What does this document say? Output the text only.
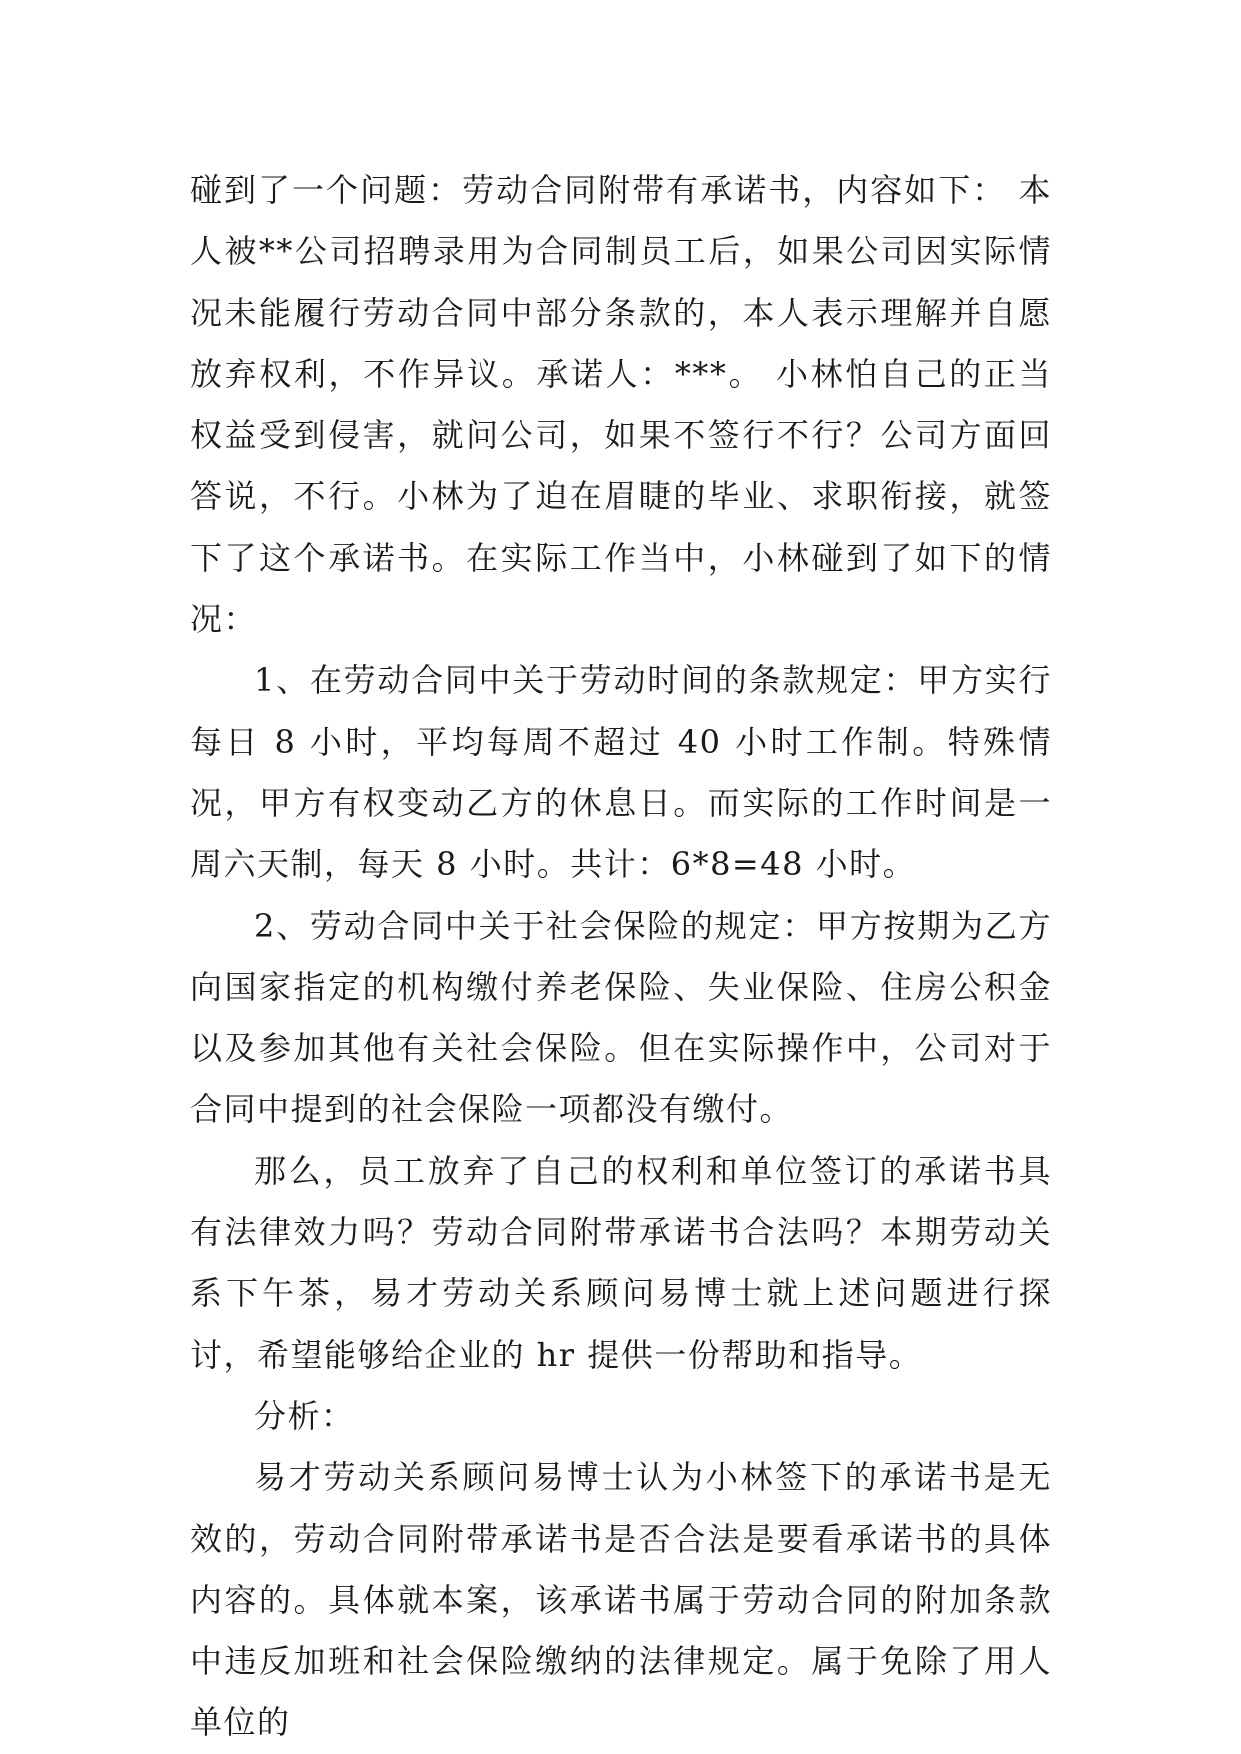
碰到了一个问题：劳动合同附带有承诺书，内容如下： 本人被**公司招聘录用为合同制员工后，如果公司因实际情况未能履行劳动合同中部分条款的，本人表示理解并自愿放弃权利，不作异议。承诺人：***。 小林怕自己的正当权益受到侵害，就问公司，如果不签行不行？公司方面回答说，不行。小林为了迫在眉睫的毕业、求职衔接，就签下了这个承诺书。在实际工作当中，小林碰到了如下的情况：

1、在劳动合同中关于劳动时间的条款规定：甲方实行每日 8 小时，平均每周不超过 40 小时工作制。特殊情况，甲方有权变动乙方的休息日。而实际的工作时间是一周六天制，每天 8 小时。共计：6*8=48 小时。

2、劳动合同中关于社会保险的规定：甲方按期为乙方向国家指定的机构缴付养老保险、失业保险、住房公积金以及参加其他有关社会保险。但在实际操作中，公司对于合同中提到的社会保险一项都没有缴付。

那么，员工放弃了自己的权利和单位签订的承诺书具有法律效力吗？劳动合同附带承诺书合法吗？本期劳动关系下午茶，易才劳动关系顾问易博士就上述问题进行探讨，希望能够给企业的 hr 提供一份帮助和指导。

分析：

易才劳动关系顾问易博士认为小林签下的承诺书是无效的，劳动合同附带承诺书是否合法是要看承诺书的具体内容的。具体就本案，该承诺书属于劳动合同的附加条款中违反加班和社会保险缴纳的法律规定。属于免除了用人单位的
